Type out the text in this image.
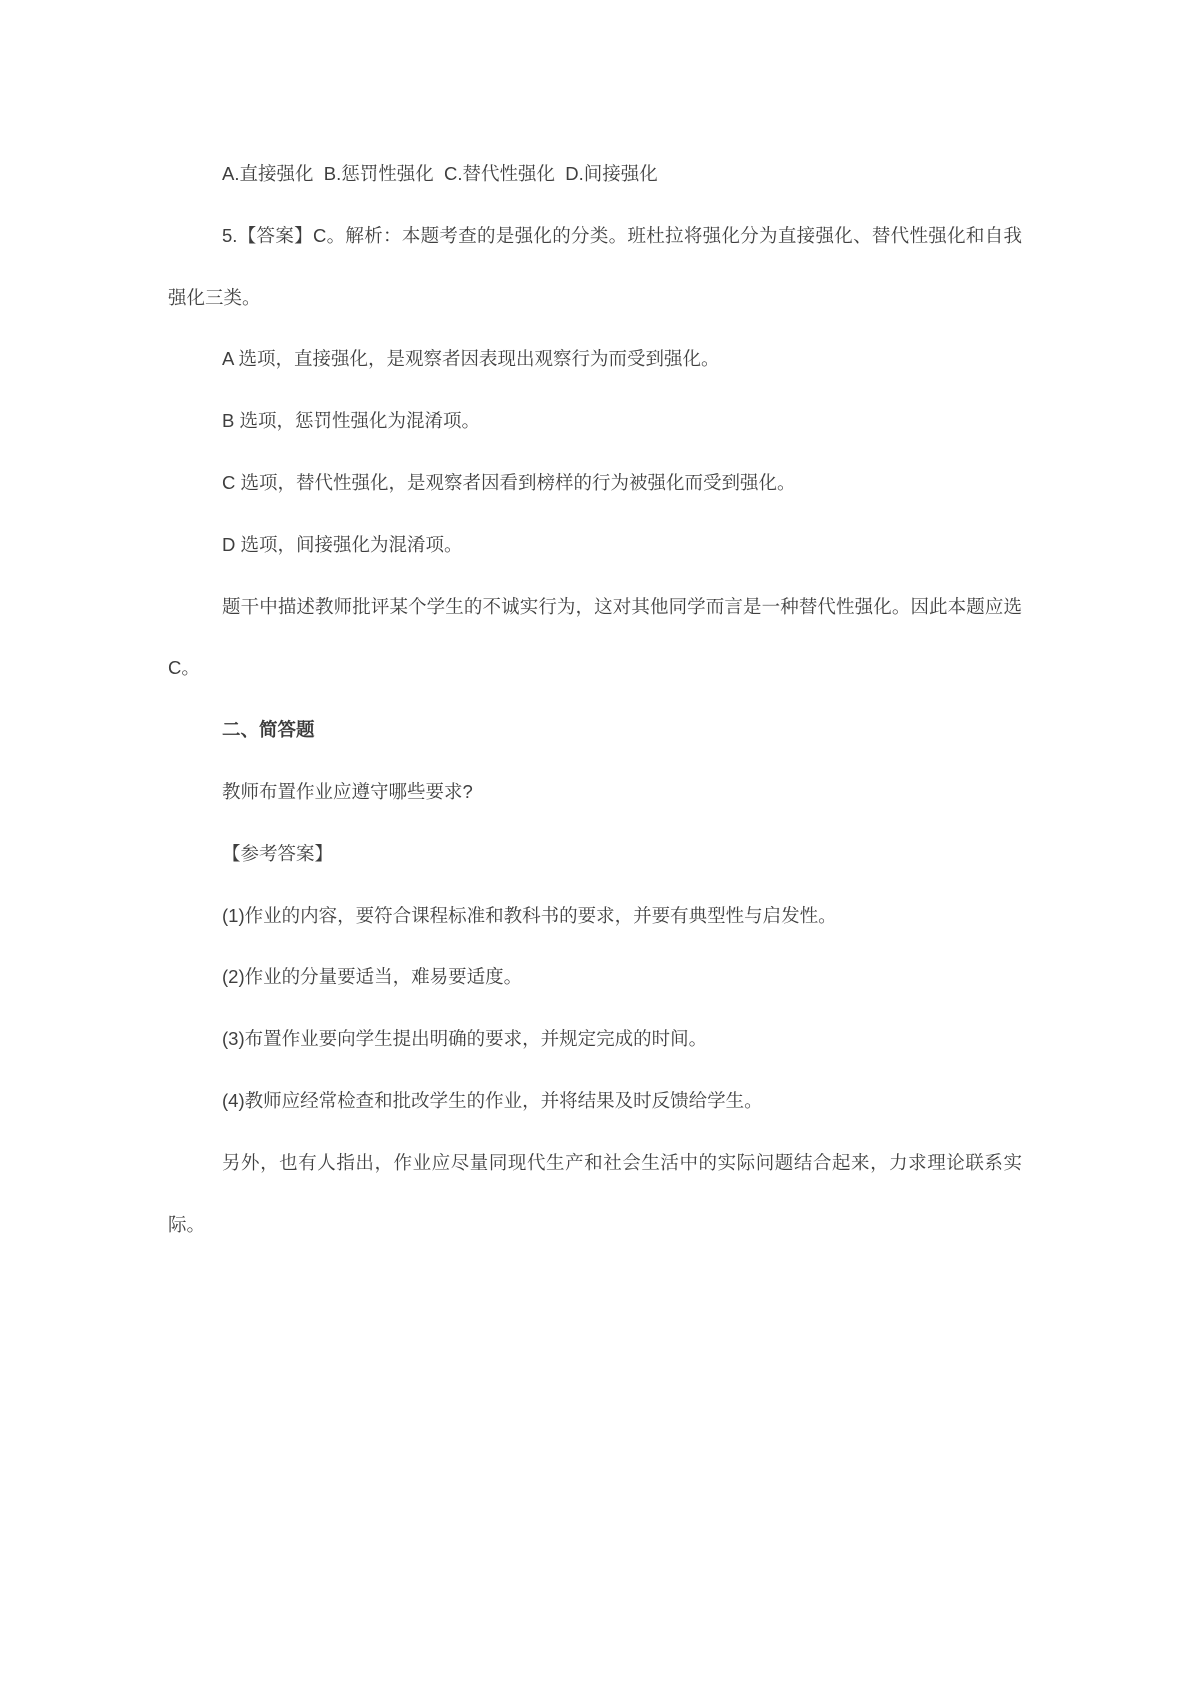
A.直接强化  B.惩罚性强化  C.替代性强化  D.间接强化

5.【答案】C。解析：本题考查的是强化的分类。班杜拉将强化分为直接强化、替代性强化和自我强化三类。

A 选项，直接强化，是观察者因表现出观察行为而受到强化。

B 选项，惩罚性强化为混淆项。

C 选项，替代性强化，是观察者因看到榜样的行为被强化而受到强化。

D 选项，间接强化为混淆项。

题干中描述教师批评某个学生的不诚实行为，这对其他同学而言是一种替代性强化。因此本题应选 C。

二、简答题

教师布置作业应遵守哪些要求?

【参考答案】

(1)作业的内容，要符合课程标准和教科书的要求，并要有典型性与启发性。

(2)作业的分量要适当，难易要适度。

(3)布置作业要向学生提出明确的要求，并规定完成的时间。

(4)教师应经常检查和批改学生的作业，并将结果及时反馈给学生。

另外，也有人指出，作业应尽量同现代生产和社会生活中的实际问题结合起来，力求理论联系实际。
